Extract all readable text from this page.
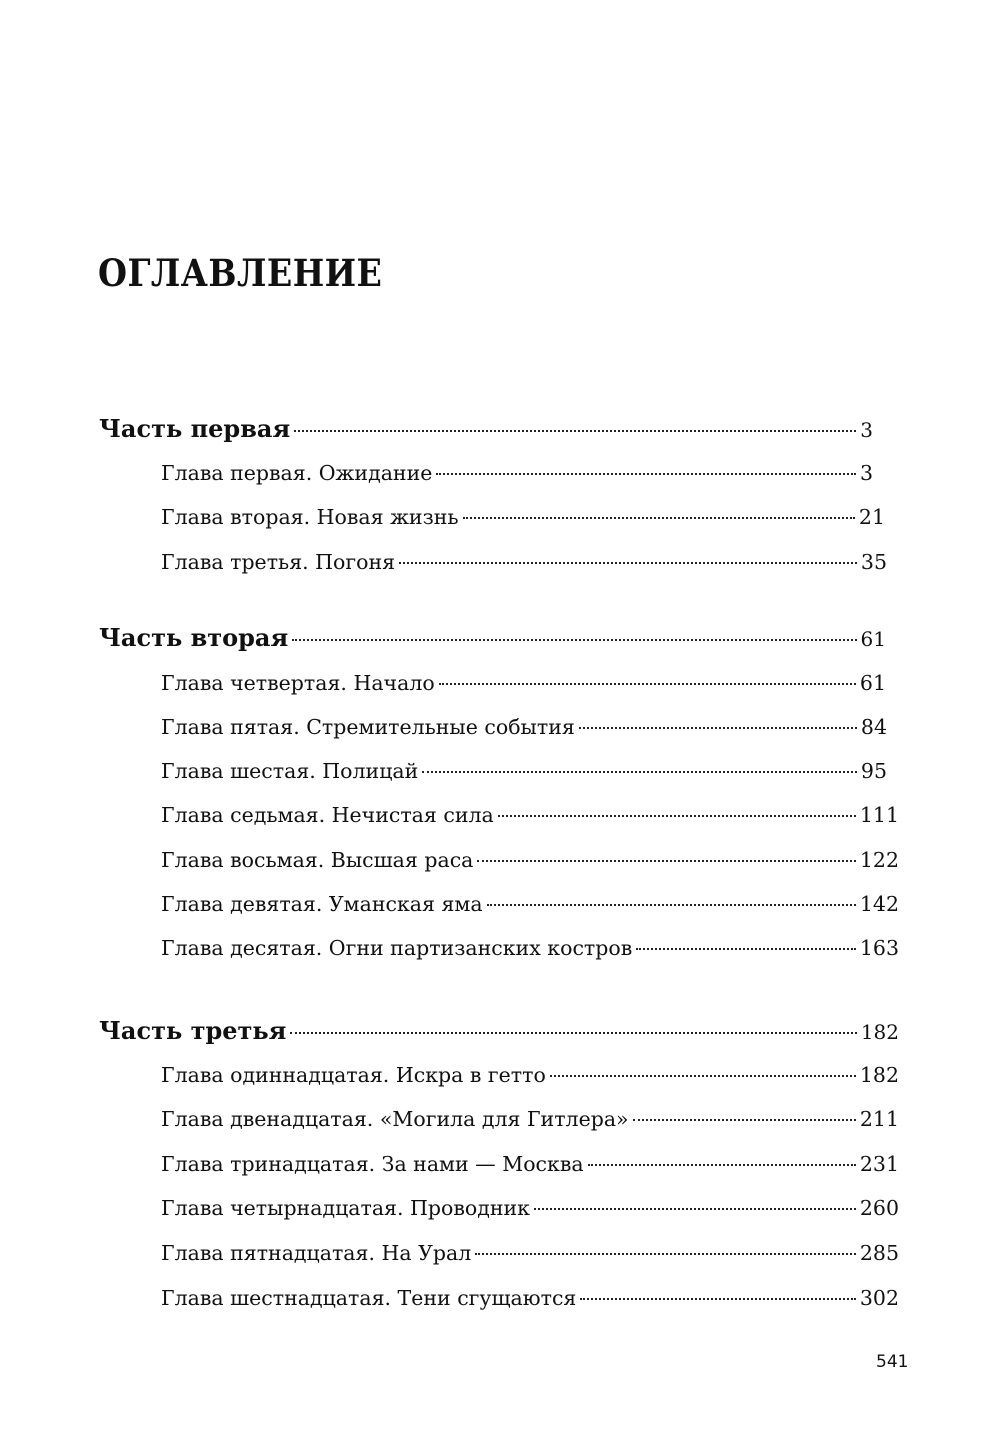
ОГЛАВЛЕНИЕ
Часть первая	3
Глава первая. Ожидание	3
Глава вторая. Новая жизнь	21
Глава третья. Погоня	35
Часть вторая	61
Глава четвертая. Начало	61
Глава пятая. Стремительные события	84
Глава шестая. Полицай	95
Глава седьмая. Нечистая сила	111
Глава восьмая. Высшая раса	122
Глава девятая. Уманская яма	142
Глава десятая. Огни партизанских костров	163
Часть третья	182
Глава одиннадцатая. Искра в гетто	182
Глава двенадцатая. «Могила для Гитлера»	211
Глава тринадцатая. За нами — Москва	231
Глава четырнадцатая. Проводник	260
Глава пятнадцатая. На Урал	285
Глава шестнадцатая. Тени сгущаются	302
541
